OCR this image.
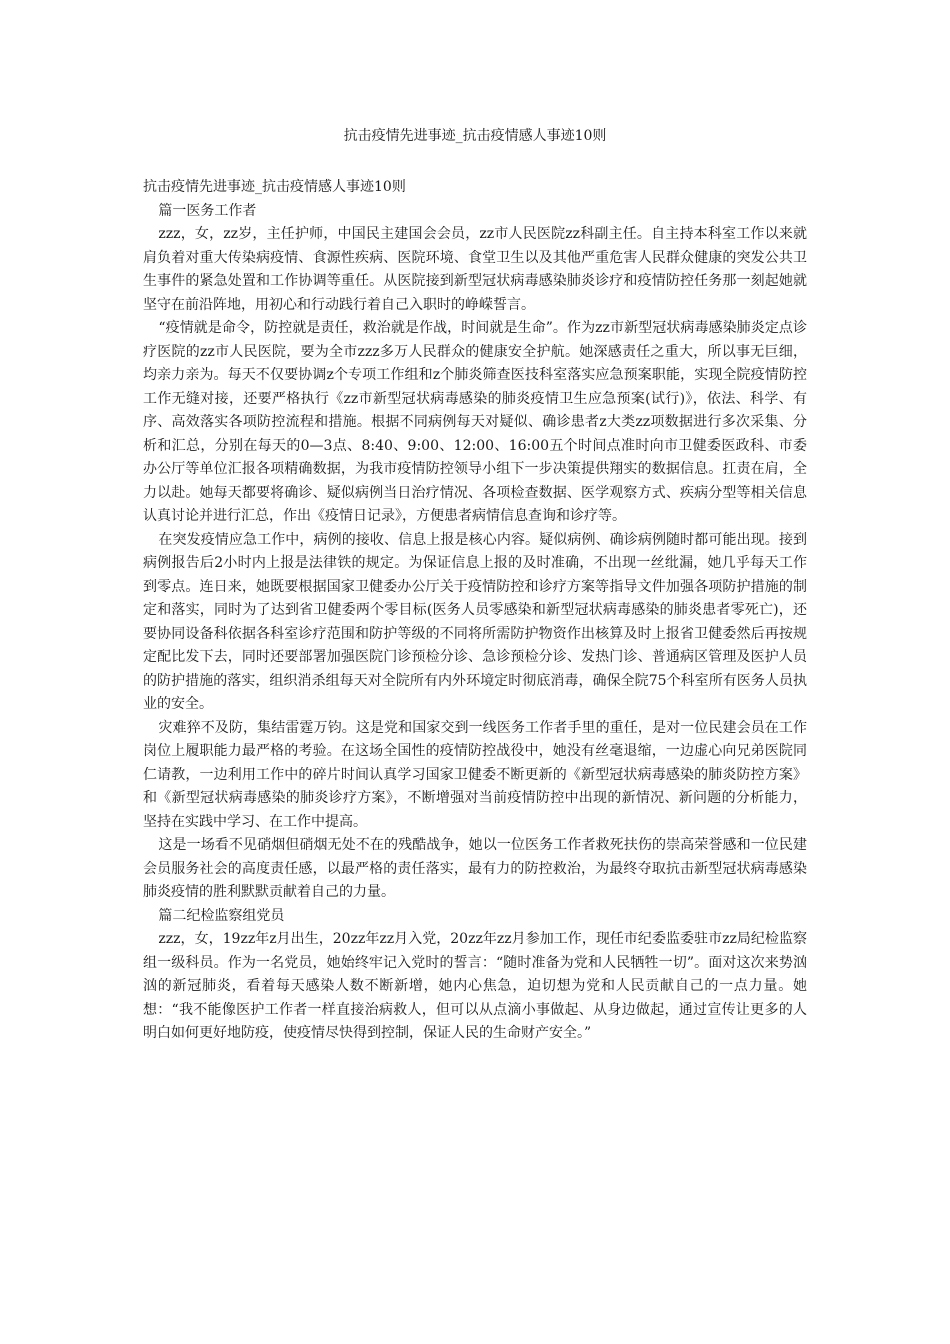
抗击疫情先进事迹_抗击疫情感人事迹10则

抗击疫情先进事迹_抗击疫情感人事迹10则

篇一医务工作者

zzz，女，zz岁，主任护师，中国民主建国会会员，zz市人民医院zz科副主任。自主持本科室工作以来就肩负着对重大传染病疫情、食源性疾病、医院环境、食堂卫生以及其他严重危害人民群众健康的突发公共卫生事件的紧急处置和工作协调等重任。从医院接到新型冠状病毒感染肺炎诊疗和疫情防控任务那一刻起她就坚守在前沿阵地，用初心和行动践行着自己入职时的峥嵘誓言。

“疫情就是命令，防控就是责任，救治就是作战，时间就是生命”。作为zz市新型冠状病毒感染肺炎定点诊疗医院的zz市人民医院，要为全市zzz多万人民群众的健康安全护航。她深感责任之重大，所以事无巨细，均亲力亲为。每天不仅要协调z个专项工作组和z个肺炎筛查医技科室落实应急预案职能，实现全院疫情防控工作无缝对接，还要严格执行《zz市新型冠状病毒感染的肺炎疫情卫生应急预案(试行)》，依法、科学、有序、高效落实各项防控流程和措施。根据不同病例每天对疑似、确诊患者z大类zz项数据进行多次采集、分析和汇总，分别在每天的0—3点、8:40、9:00、12:00、16:00五个时间点准时向市卫健委医政科、市委办公厅等单位汇报各项精确数据，为我市疫情防控领导小组下一步决策提供翔实的数据信息。扛责在肩，全力以赴。她每天都要将确诊、疑似病例当日治疗情况、各项检查数据、医学观察方式、疾病分型等相关信息认真讨论并进行汇总，作出《疫情日记录》，方便患者病情信息查询和诊疗等。

在突发疫情应急工作中，病例的接收、信息上报是核心内容。疑似病例、确诊病例随时都可能出现。接到病例报告后2小时内上报是法律铁的规定。为保证信息上报的及时准确，不出现一丝纰漏，她几乎每天工作到零点。连日来，她既要根据国家卫健委办公厅关于疫情防控和诊疗方案等指导文件加强各项防护措施的制定和落实，同时为了达到省卫健委两个零目标(医务人员零感染和新型冠状病毒感染的肺炎患者零死亡)，还要协同设备科依据各科室诊疗范围和防护等级的不同将所需防护物资作出核算及时上报省卫健委然后再按规定配比发下去，同时还要部署加强医院门诊预检分诊、急诊预检分诊、发热门诊、普通病区管理及医护人员的防护措施的落实，组织消杀组每天对全院所有内外环境定时彻底消毒，确保全院75个科室所有医务人员执业的安全。

灾难猝不及防，集结雷霆万钧。这是党和国家交到一线医务工作者手里的重任，是对一位民建会员在工作岗位上履职能力最严格的考验。在这场全国性的疫情防控战役中，她没有丝毫退缩，一边虚心向兄弟医院同仁请教，一边利用工作中的碎片时间认真学习国家卫健委不断更新的《新型冠状病毒感染的肺炎防控方案》和《新型冠状病毒感染的肺炎诊疗方案》，不断增强对当前疫情防控中出现的新情况、新问题的分析能力，坚持在实践中学习、在工作中提高。

这是一场看不见硝烟但硝烟无处不在的残酷战争，她以一位医务工作者救死扶伤的崇高荣誉感和一位民建会员服务社会的高度责任感，以最严格的责任落实，最有力的防控救治，为最终夺取抗击新型冠状病毒感染肺炎疫情的胜利默默贡献着自己的力量。

篇二纪检监察组党员

zzz，女，19zz年z月出生，20zz年zz月入党，20zz年zz月参加工作，现任市纪委监委驻市zz局纪检监察组一级科员。作为一名党员，她始终牢记入党时的誓言：“随时准备为党和人民牺牲一切”。面对这次来势汹汹的新冠肺炎，看着每天感染人数不断新增，她内心焦急，迫切想为党和人民贡献自己的一点力量。她想：“我不能像医护工作者一样直接治病救人，但可以从点滴小事做起、从身边做起，通过宣传让更多的人明白如何更好地防疫，使疫情尽快得到控制，保证人民的生命财产安全。”
